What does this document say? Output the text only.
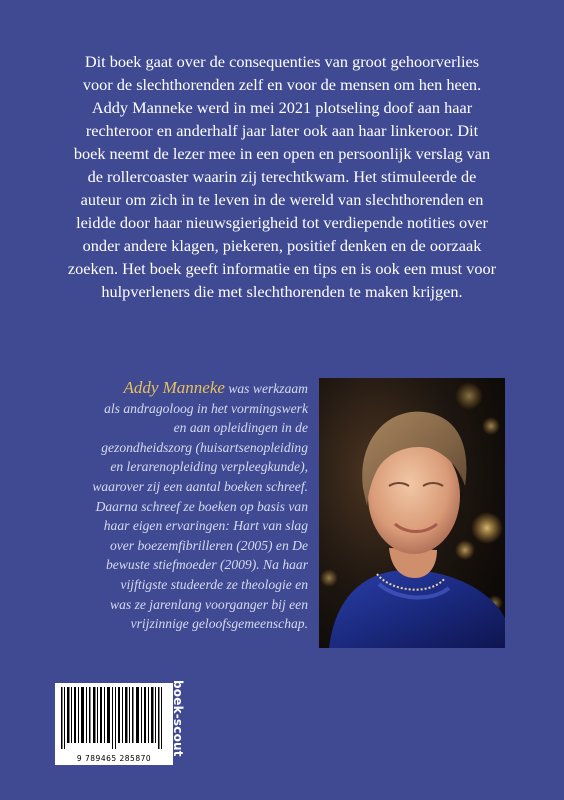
Dit boek gaat over de consequenties van groot gehoorverlies
voor de slechthorenden zelf en voor de mensen om hen heen.
Addy Manneke werd in mei 2021 plotseling doof aan haar
rechteroor en anderhalf jaar later ook aan haar linkeroor. Dit
boek neemt de lezer mee in een open en persoonlijk verslag van
de rollercoaster waarin zij terechtkwam. Het stimuleerde de
auteur om zich in te leven in de wereld van slechthorenden en
leidde door haar nieuwsgierigheid tot verdiepende notities over
onder andere klagen, piekeren, positief denken en de oorzaak
zoeken. Het boek geeft informatie en tips en is ook een must voor
hulpverleners die met slechthorenden te maken krijgen.
Addy Manneke was werkzaam
als andragoloog in het vormingswerk
en aan opleidingen in de
gezondheidszorg (huisartsenopleiding
en lerarenopleiding verpleegkunde),
waarover zij een aantal boeken schreef.
Daarna schreef ze boeken op basis van
haar eigen ervaringen: Hart van slag
over boezemfibrilleren (2005) en De
bewuste stiefmoeder (2009). Na haar
vijftigste studeerde ze theologie en
was ze jarenlang voorganger bij een
vrijzinnige geloofsgemeenschap.
9 789465 285870
boek-scout
